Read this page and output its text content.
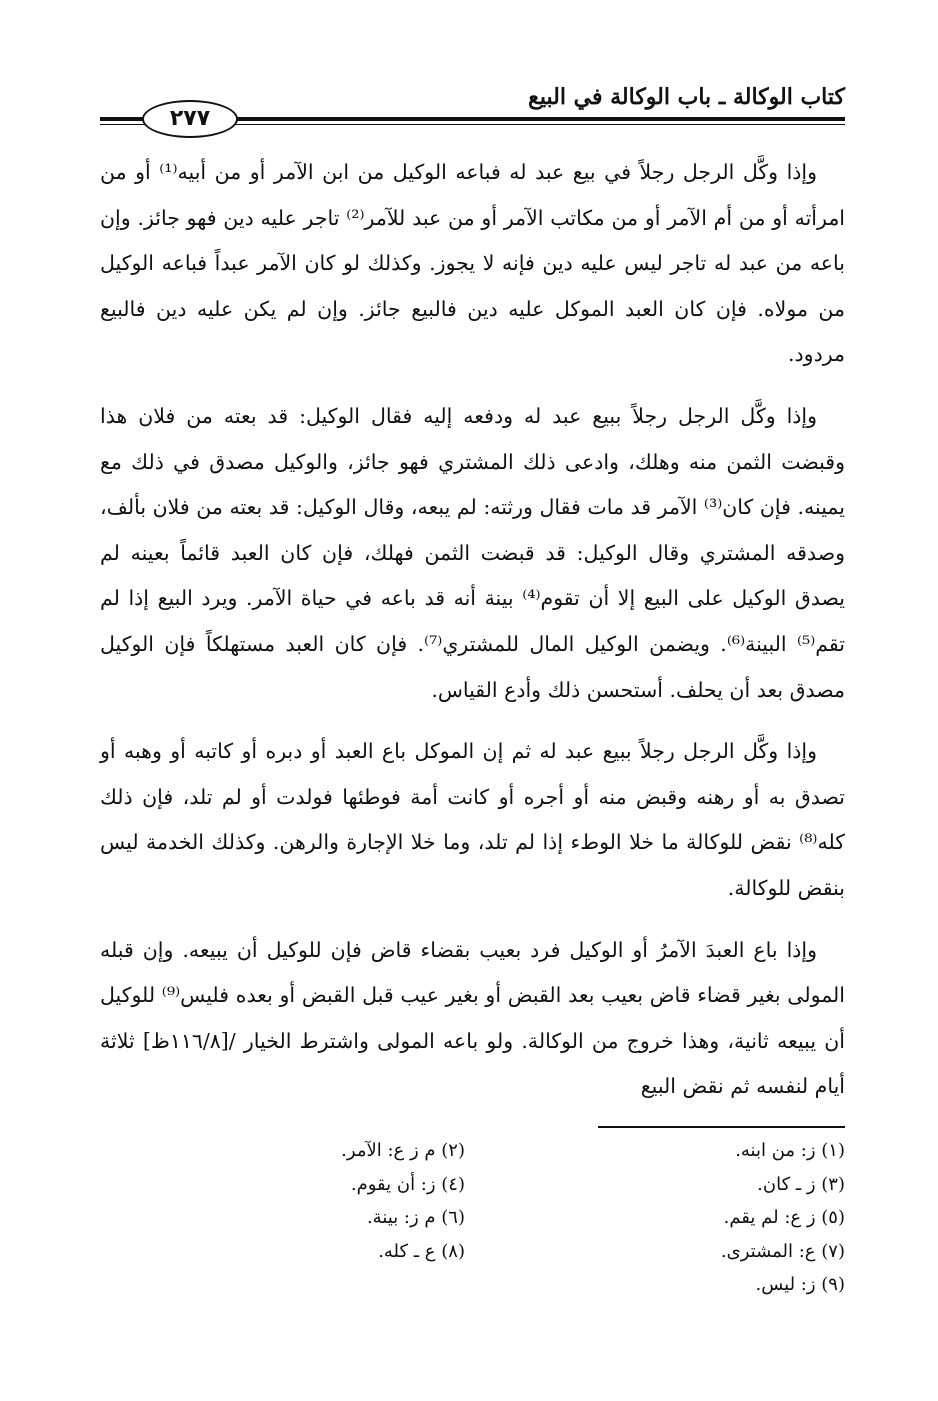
كتاب الوكالة ـ باب الوكالة في البيع
٢٧٧

وإذا وكَّل الرجل رجلاً في بيع عبد له فباعه الوكيل من ابن الآمر أو من أبيه⁽¹⁾ أو من امرأته أو من أم الآمر أو من مكاتب الآمر أو من عبد للآمر⁽²⁾ تاجر عليه دين فهو جائز. وإن باعه من عبد له تاجر ليس عليه دين فإنه لا يجوز. وكذلك لو كان الآمر عبداً فباعه الوكيل من مولاه. فإن كان العبد الموكل عليه دين فالبيع جائز. وإن لم يكن عليه دين فالبيع مردود.

وإذا وكَّل الرجل رجلاً ببيع عبد له ودفعه إليه فقال الوكيل: قد بعته من فلان هذا وقبضت الثمن منه وهلك، وادعى ذلك المشتري فهو جائز، والوكيل مصدق في ذلك مع يمينه. فإن كان⁽³⁾ الآمر قد مات فقال ورثته: لم يبعه، وقال الوكيل: قد بعته من فلان بألف، وصدقه المشتري وقال الوكيل: قد قبضت الثمن فهلك، فإن كان العبد قائماً بعينه لم يصدق الوكيل على البيع إلا أن تقوم⁽⁴⁾ بينة أنه قد باعه في حياة الآمر. ويرد البيع إذا لم تقم⁽⁵⁾ البينة⁽⁶⁾. ويضمن الوكيل المال للمشتري⁽⁷⁾. فإن كان العبد مستهلكاً فإن الوكيل مصدق بعد أن يحلف. أستحسن ذلك وأدع القياس.

وإذا وكَّل الرجل رجلاً ببيع عبد له ثم إن الموكل باع العبد أو دبره أو كاتبه أو وهبه أو تصدق به أو رهنه وقبض منه أو أجره أو كانت أمة فوطئها فولدت أو لم تلد، فإن ذلك كله⁽⁸⁾ نقض للوكالة ما خلا الوطء إذا لم تلد، وما خلا الإجارة والرهن. وكذلك الخدمة ليس بنقض للوكالة.

وإذا باع العبدَ الآمرُ أو الوكيل فرد بعيب بقضاء قاض فإن للوكيل أن يبيعه. وإن قبله المولى بغير قضاء قاض بعيب بعد القبض أو بغير عيب قبل القبض أو بعده فليس⁽⁹⁾ للوكيل أن يبيعه ثانية، وهذا خروج من الوكالة. ولو باعه المولى واشترط الخيار /[١١٦/٨ظ] ثلاثة أيام لنفسه ثم نقض البيع

(١) ز: من ابنه.
(٢) م ز ع: الآمر.
(٣) ز ـ كان.
(٤) ز: أن يقوم.
(٥) ز ع: لم يقم.
(٦) م ز: بينة.
(٧) ع: المشترى.
(٨) ع ـ كله.
(٩) ز: ليس.
